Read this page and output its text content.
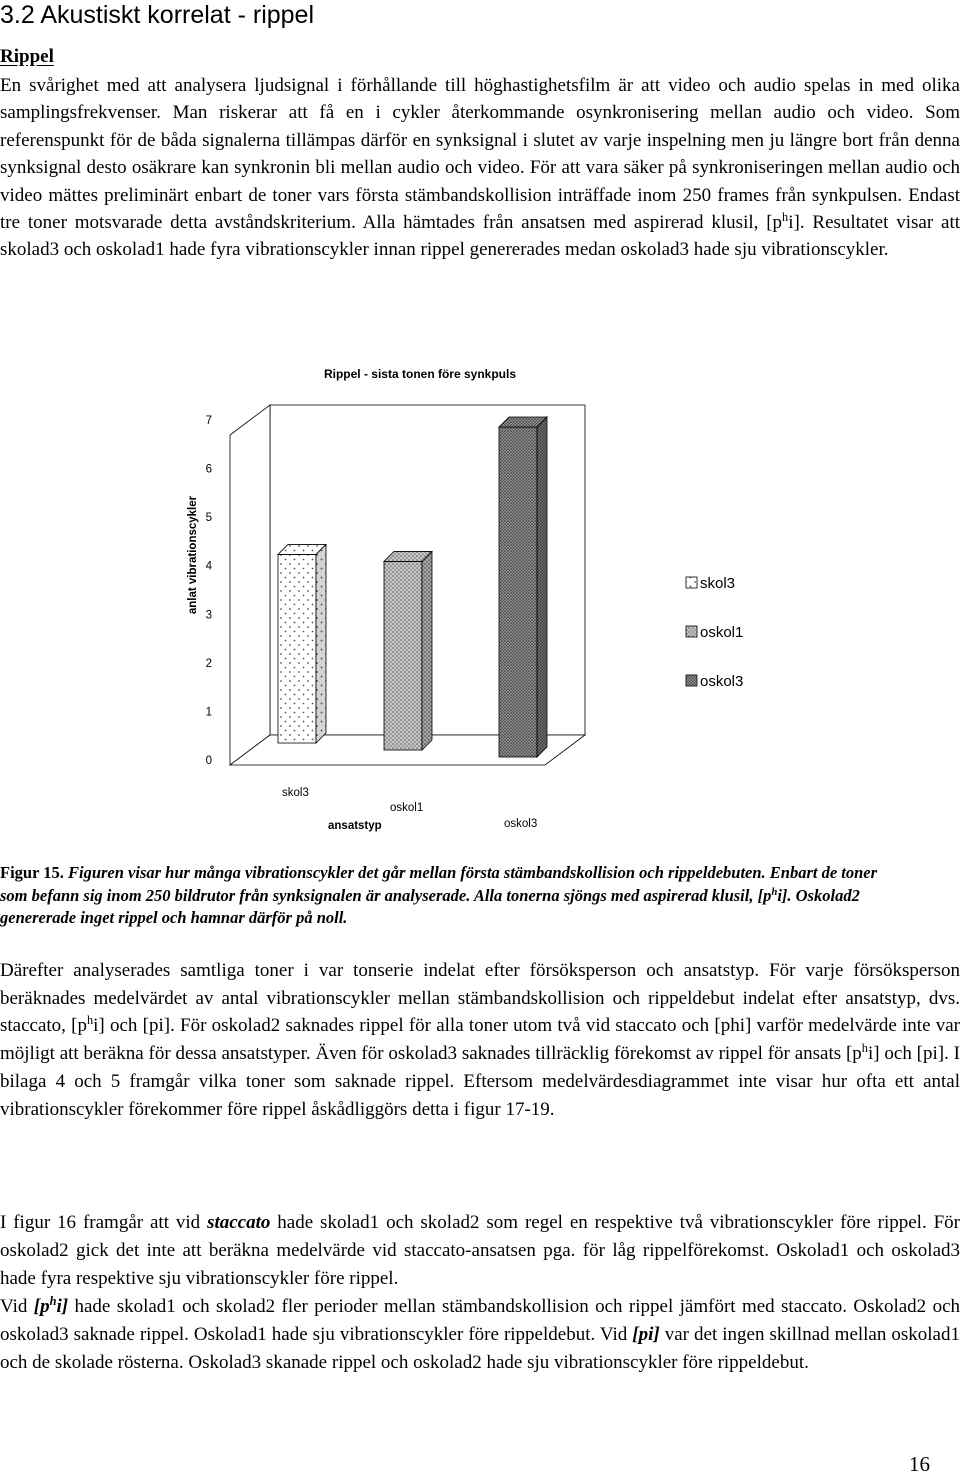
3.2 Akustiskt korrelat - rippel
Rippel

En svårighet med att analysera ljudsignal i förhållande till höghastighetsfilm är att video och audio spelas in med olika samplingsfrekvenser. Man riskerar att få en i cykler återkommande osynkronisering mellan audio och video. Som referenspunkt för de båda signalerna tillämpas därför en synksignal i slutet av varje inspelning men ju längre bort från denna synksignal desto osäkrare kan synkronin bli mellan audio och video. För att vara säker på synkroniseringen mellan audio och video mättes preliminärt enbart de toner vars första stämbandskollision inträffade inom 250 frames från synkpulsen. Endast tre toner motsvarade detta avståndskriterium. Alla hämtades från ansatsen med aspirerad klusil, $[p^hi]$. Resultatet visar att skolad3 och oskolad1 hade fyra vibrationscykler innan rippel genererades medan oskolad3 hade sju vibrationscykler.

0
1
2
3
4
5
6
7
skol3
oskol1
oskol3
Rippel - sista tonen före synkpuls
ansatstyp
anlat vibrationscykler	skol3
oskol1
oskol3

Figur 15. Figuren visar hur många vibrationscykler det går mellan första stämbandskollision och rippeldebuten. Enbart de toner som befann sig inom 250 bildrutor från synksignalen är analyserade. Alla tonerna sjöngs med aspirerad klusil, $[p^hi]$. Oskolad2 genererade inget rippel och hamnar därför på noll.

Därefter analyserades samtliga toner i var tonserie indelat efter försöksperson och ansatstyp. För varje försöksperson beräknades medelvärdet av antal vibrationscykler mellan stämbandskollision och rippeldebut indelat efter ansatstyp, dvs. staccato, $[p^hi]$ och [pi]. För oskolad2 saknades rippel för alla toner utom två vid staccato och [phi] varför medelvärde inte var möjligt att beräkna för dessa ansatstyper. Även för oskolad3 saknades tillräcklig förekomst av rippel för ansats $[p^hi]$ och [pi]. I bilaga 4 och 5 framgår vilka toner som saknade rippel. Eftersom medelvärdesdiagrammet inte visar hur ofta ett antal vibrationscykler förekommer före rippel åskådliggörs detta i figur 17-19.

I figur 16 framgår att vid staccato hade skolad1 och skolad2 som regel en respektive två vibrationscykler före rippel. För oskolad2 gick det inte att beräkna medelvärde vid staccato-ansatsen pga. för låg rippelförekomst. Oskolad1 och oskolad3 hade fyra respektive sju vibrationscykler före rippel.
Vid $[p^hi]$ hade skolad1 och skolad2 fler perioder mellan stämbandskollision och rippel jämfört med staccato. Oskolad2 och oskolad3 saknade rippel. Oskolad1 hade sju vibrationscykler före rippeldebut. Vid [pi] var det ingen skillnad mellan oskolad1 och de skolade rösterna. Oskolad3 skanade rippel och oskolad2 hade sju vibrationscykler före rippeldebut.
16
